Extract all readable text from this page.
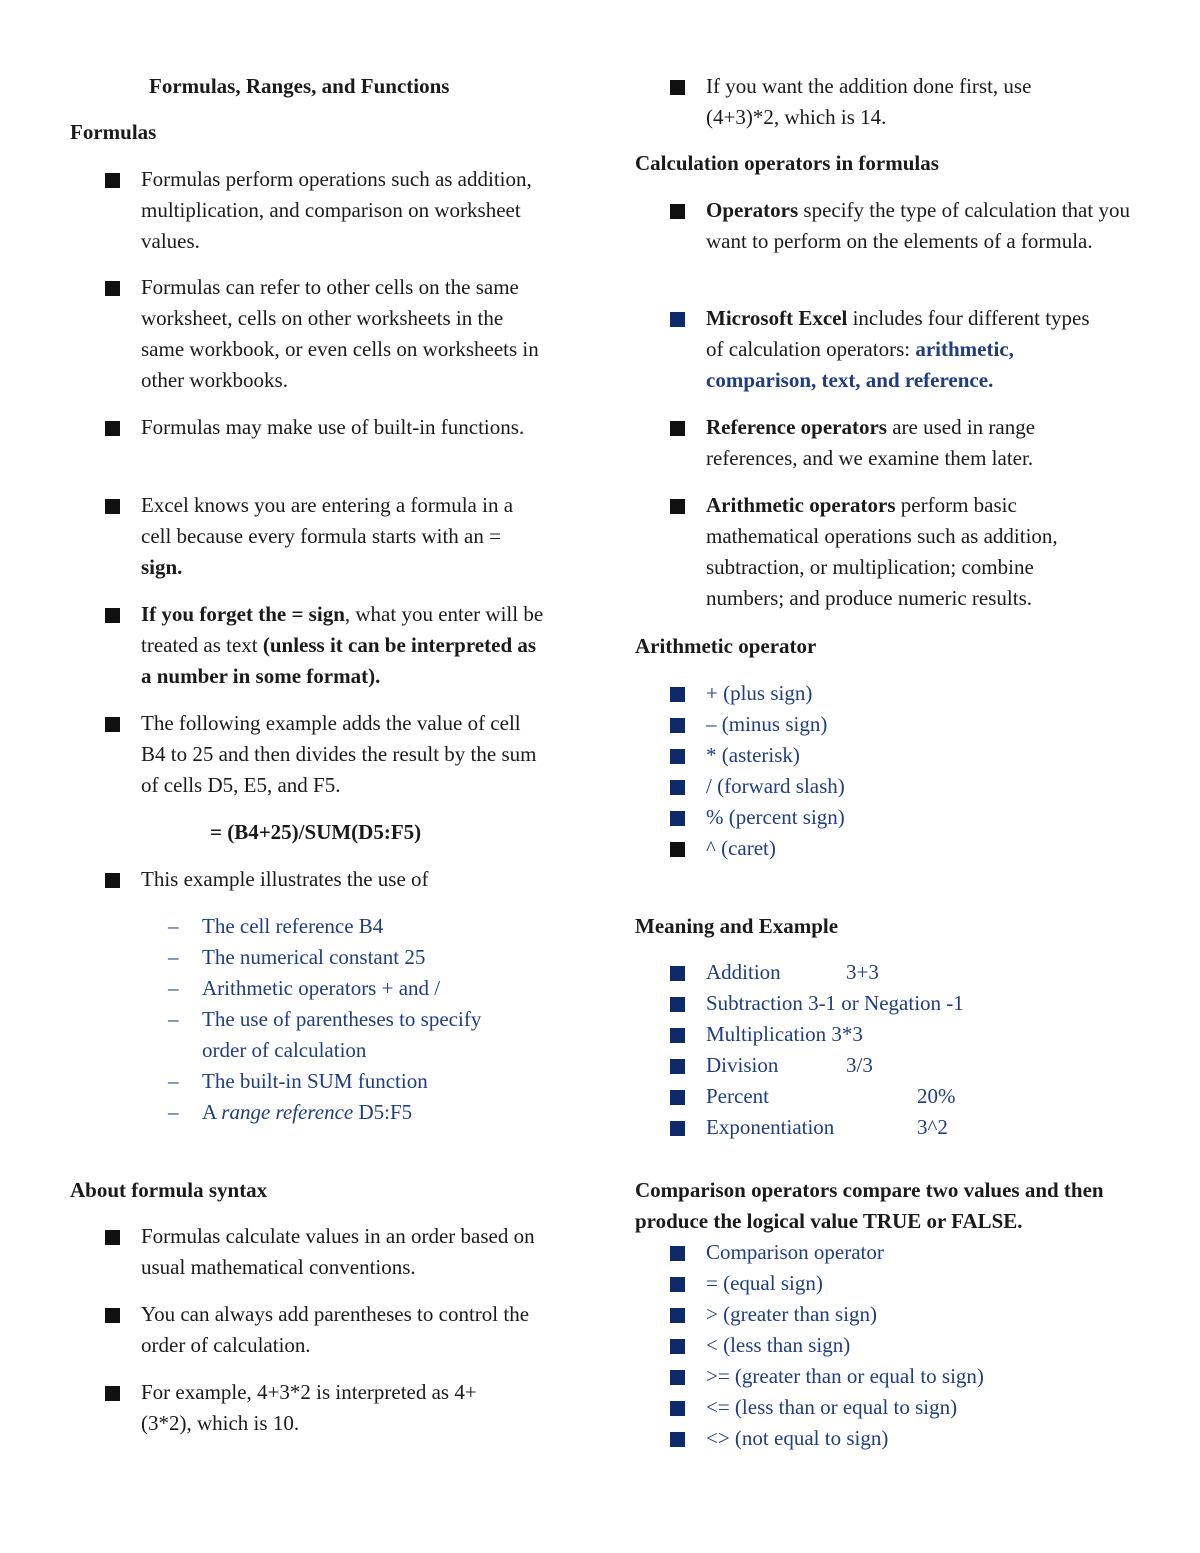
Formulas, Ranges, and Functions
Formulas
Formulas perform operations such as addition, multiplication, and comparison on worksheet values.
Formulas can refer to other cells on the same worksheet, cells on other worksheets in the same workbook, or even cells on worksheets in other workbooks.
Formulas may make use of built-in functions.
Excel knows you are entering a formula in a cell because every formula starts with an = sign.
If you forget the = sign, what you enter will be treated as text (unless it can be interpreted as a number in some format).
The following example adds the value of cell B4 to 25 and then divides the result by the sum of cells D5, E5, and F5.
= (B4+25)/SUM(D5:F5)
This example illustrates the use of
– The cell reference B4
– The numerical constant 25
– Arithmetic operators + and /
– The use of parentheses to specify order of calculation
– The built-in SUM function
– A range reference D5:F5
About formula syntax
Formulas calculate values in an order based on usual mathematical conventions.
You can always add parentheses to control the order of calculation.
For example, 4+3*2 is interpreted as 4+(3*2), which is 10.
If you want the addition done first, use (4+3)*2, which is 14.
Calculation operators in formulas
Operators specify the type of calculation that you want to perform on the elements of a formula.
Microsoft Excel includes four different types of calculation operators: arithmetic, comparison, text, and reference.
Reference operators are used in range references, and we examine them later.
Arithmetic operators perform basic mathematical operations such as addition, subtraction, or multiplication; combine numbers; and produce numeric results.
Arithmetic operator
+ (plus sign)
– (minus sign)
* (asterisk)
/ (forward slash)
% (percent sign)
^ (caret)
Meaning and Example
Addition	3+3
Subtraction 3-1 or Negation -1
Multiplication 3*3
Division	3/3
Percent	20%
Exponentiation	3^2
Comparison operators compare two values and then produce the logical value TRUE or FALSE.
Comparison operator
= (equal sign)
> (greater than sign)
< (less than sign)
>= (greater than or equal to sign)
<= (less than or equal to sign)
<> (not equal to sign)
